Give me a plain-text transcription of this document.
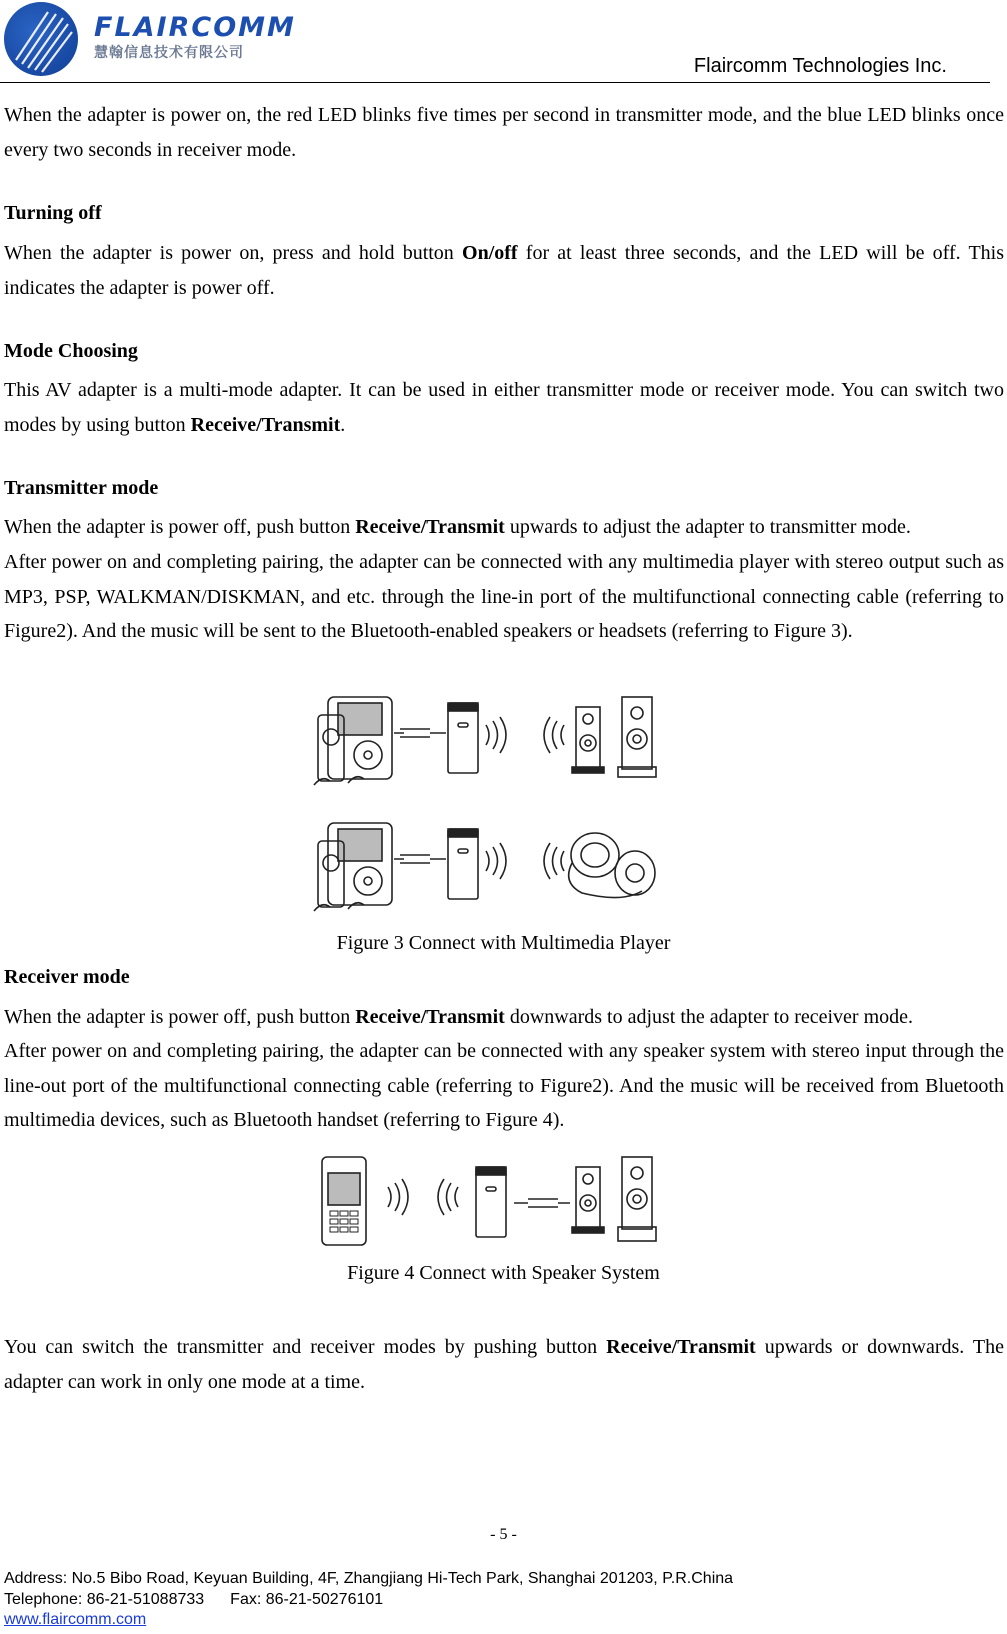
FLAIRCOMM
慧翰信息技术有限公司
Flaircomm Technologies Inc.

When the adapter is power on, the red LED blinks five times per second in transmitter mode, and the blue LED blinks once every two seconds in receiver mode.

Turning off

When the adapter is power on, press and hold button On/off for at least three seconds, and the LED will be off. This indicates the adapter is power off.

Mode Choosing

This AV adapter is a multi-mode adapter. It can be used in either transmitter mode or receiver mode. You can switch two modes by using button Receive/Transmit.

Transmitter mode

When the adapter is power off, push button Receive/Transmit upwards to adjust the adapter to transmitter mode.

After power on and completing pairing, the adapter can be connected with any multimedia player with stereo output such as MP3, PSP, WALKMAN/DISKMAN, and etc. through the line-in port of the multifunctional connecting cable (referring to Figure2). And the music will be sent to the Bluetooth-enabled speakers or headsets (referring to Figure 3).

Figure 3 Connect with Multimedia Player

Receiver mode

When the adapter is power off, push button Receive/Transmit downwards to adjust the adapter to receiver mode.

After power on and completing pairing, the adapter can be connected with any speaker system with stereo input through the line-out port of the multifunctional connecting cable (referring to Figure2). And the music will be received from Bluetooth multimedia devices, such as Bluetooth handset (referring to Figure 4).

Figure 4 Connect with Speaker System

You can switch the transmitter and receiver modes by pushing button Receive/Transmit upwards or downwards. The adapter can work in only one mode at a time.

- 5 -
Address: No.5 Bibo Road, Keyuan Building, 4F, Zhangjiang Hi-Tech Park, Shanghai 201203, P.R.China
Telephone: 86-21-51088733 Fax: 86-21-50276101
www.flaircomm.com
